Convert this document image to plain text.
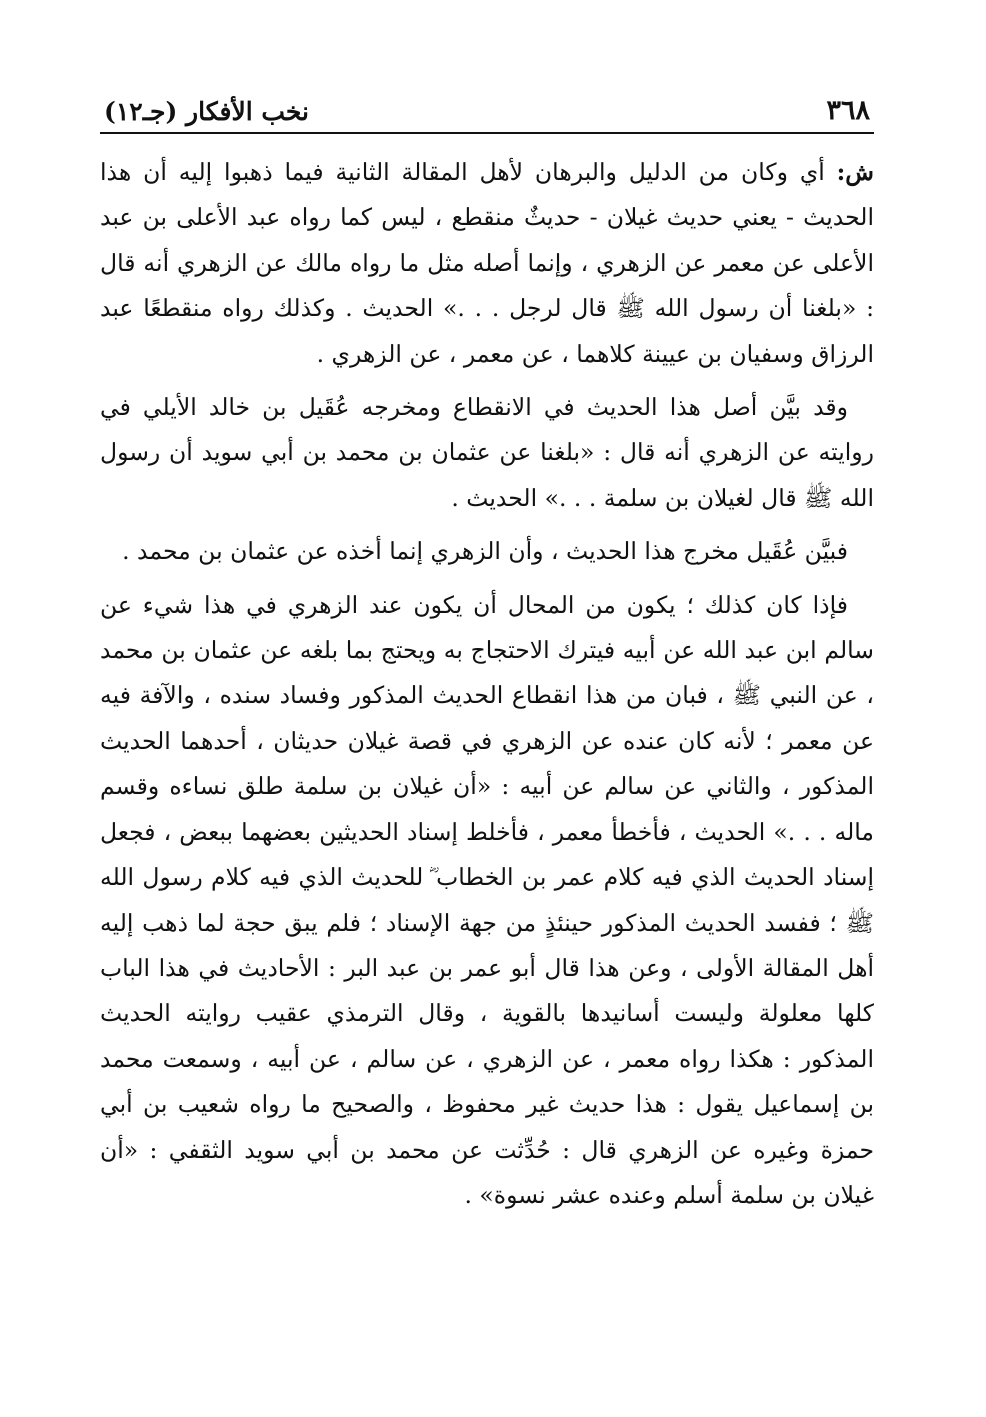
٣٦٨
نخب الأفكار (جـ١٢)

ش: أي وكان من الدليل والبرهان لأهل المقالة الثانية فيما ذهبوا إليه أن هذا الحديث - يعني حديث غيلان - حديثٌ منقطع ، ليس كما رواه عبد الأعلى بن عبد الأعلى عن معمر عن الزهري ، وإنما أصله مثل ما رواه مالك عن الزهري أنه قال : «بلغنا أن رسول الله ﷺ قال لرجل . . .» الحديث . وكذلك رواه منقطعًا عبد الرزاق وسفيان بن عيينة كلاهما ، عن معمر ، عن الزهري .

وقد بيَّن أصل هذا الحديث في الانقطاع ومخرجه عُقَيل بن خالد الأيلي في روايته عن الزهري أنه قال : «بلغنا عن عثمان بن محمد بن أبي سويد أن رسول الله ﷺ قال لغيلان بن سلمة . . .» الحديث .

فبيَّن عُقَيل مخرج هذا الحديث ، وأن الزهري إنما أخذه عن عثمان بن محمد .

فإذا كان كذلك ؛ يكون من المحال أن يكون عند الزهري في هذا شيء عن سالم ابن عبد الله عن أبيه فيترك الاحتجاج به ويحتج بما بلغه عن عثمان بن محمد ، عن النبي ﷺ ، فبان من هذا انقطاع الحديث المذكور وفساد سنده ، والآفة فيه عن معمر ؛ لأنه كان عنده عن الزهري في قصة غيلان حديثان ، أحدهما الحديث المذكور ، والثاني عن سالم عن أبيه : «أن غيلان بن سلمة طلق نساءه وقسم ماله . . .» الحديث ، فأخطأ معمر ، فأخلط إسناد الحديثين بعضهما ببعض ، فجعل إسناد الحديث الذي فيه كلام عمر بن الخطاب ؓ للحديث الذي فيه كلام رسول الله ﷺ ؛ ففسد الحديث المذكور حينئذٍ من جهة الإسناد ؛ فلم يبق حجة لما ذهب إليه أهل المقالة الأولى ، وعن هذا قال أبو عمر بن عبد البر : الأحاديث في هذا الباب كلها معلولة وليست أسانيدها بالقوية ، وقال الترمذي عقيب روايته الحديث المذكور : هكذا رواه معمر ، عن الزهري ، عن سالم ، عن أبيه ، وسمعت محمد بن إسماعيل يقول : هذا حديث غير محفوظ ، والصحيح ما رواه شعيب بن أبي حمزة وغيره عن الزهري قال : حُدِّثت عن محمد بن أبي سويد الثقفي : «أن غيلان بن سلمة أسلم وعنده عشر نسوة» .
